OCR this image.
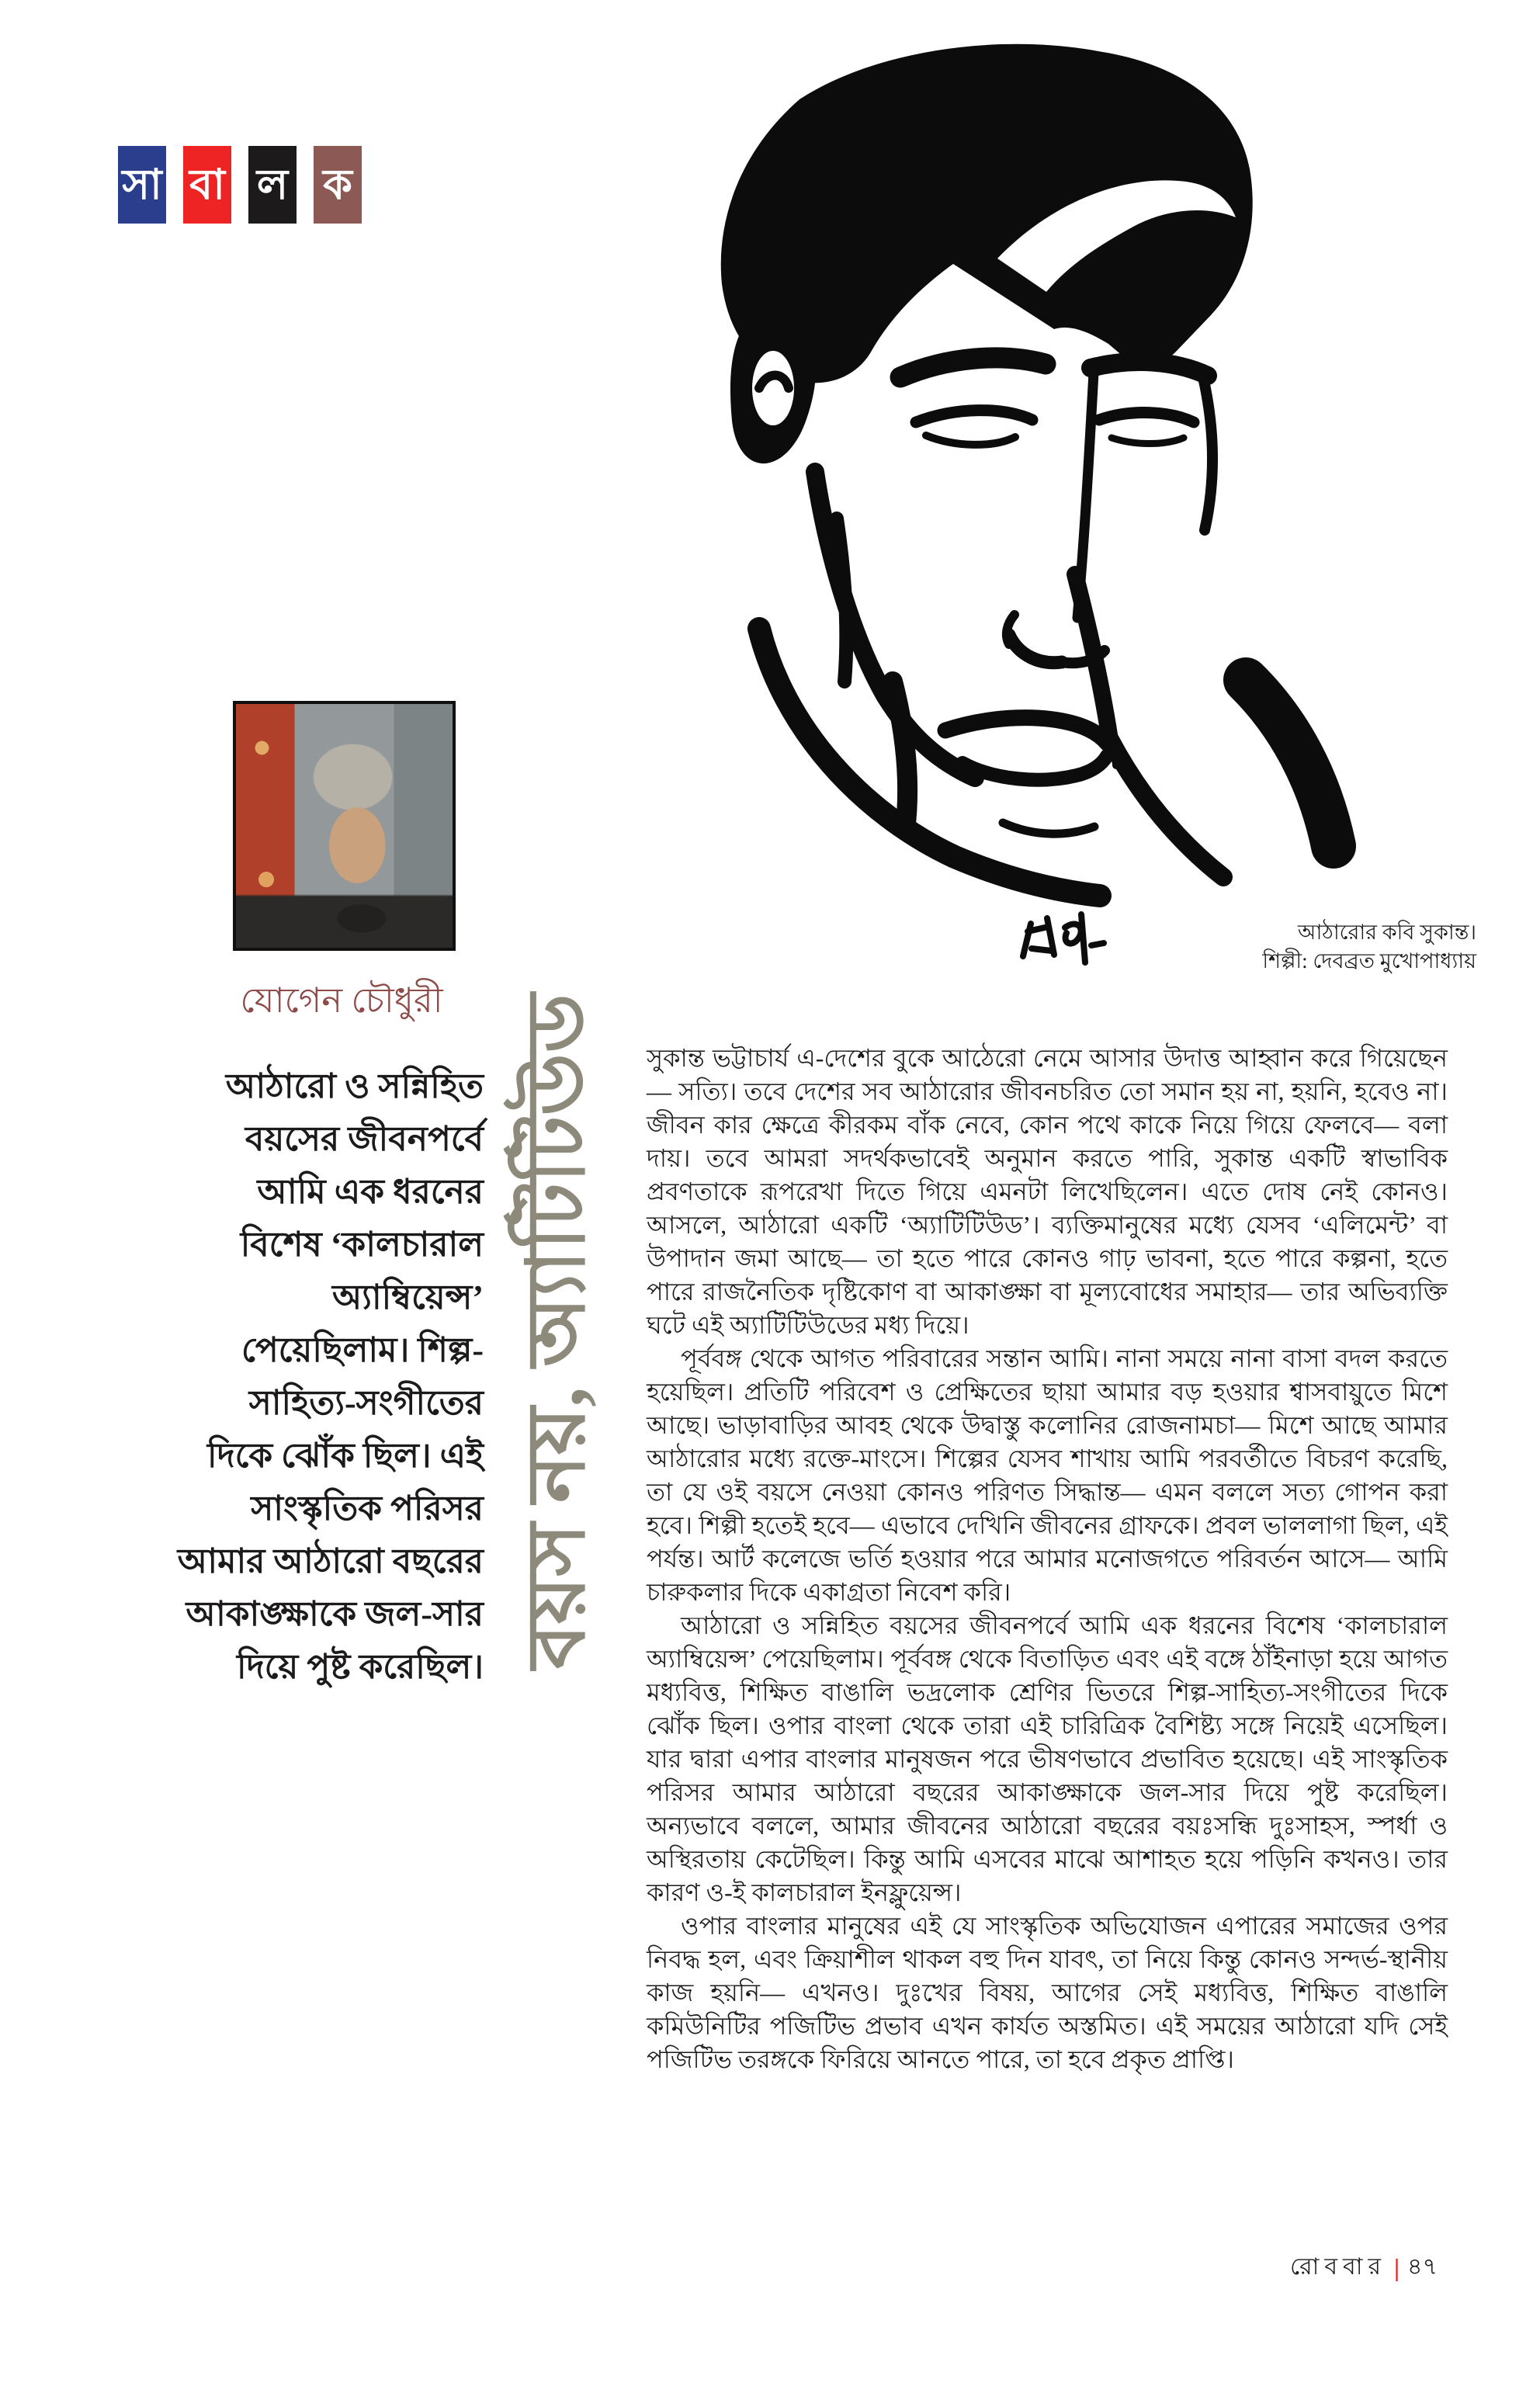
সা বা ল ক
আঠারোর কবি সুকান্ত।
শিল্পী: দেবব্রত মুখোপাধ্যায়
যোগেন চৌধুরী
আঠারো ও সন্নিহিত
বয়সের জীবনপর্বে
আমি এক ধরনের
বিশেষ ‘কালচারাল
অ্যাম্বিয়েন্স’
পেয়েছিলাম। শিল্প-
সাহিত্য-সংগীতের
দিকে ঝোঁক ছিল। এই
সাংস্কৃতিক পরিসর
আমার আঠারো বছরের
আকাঙ্ক্ষাকে জল-সার
দিয়ে পুষ্ট করেছিল। বয়স নয়, অ্যাটিটিউড	সুকান্ত ভট্টাচার্য এ-দেশের বুকে আঠেরো নেমে আসার উদাত্ত আহ্বান করে গিয়েছেন— সত্যি। তবে দেশের সব আঠারোর জীবনচরিত তো সমান হয় না, হয়নি, হবেও না। জীবন কার ক্ষেত্রে কীরকম বাঁক নেবে, কোন পথে কাকে নিয়ে গিয়ে ফেলবে— বলা দায়। তবে আমরা সদর্থকভাবেই অনুমান করতে পারি, সুকান্ত একটি স্বাভাবিক প্রবণতাকে রূপরেখা দিতে গিয়ে এমনটা লিখেছিলেন। এতে দোষ নেই কোনও। আসলে, আঠারো একটি ‘অ্যাটিটিউড’। ব্যক্তিমানুষের মধ্যে যেসব ‘এলিমেন্ট’ বা উপাদান জমা আছে— তা হতে পারে কোনও গাঢ় ভাবনা, হতে পারে কল্পনা, হতে পারে রাজনৈতিক দৃষ্টিকোণ বা আকাঙ্ক্ষা বা মূল্যবোধের সমাহার— তার অভিব্যক্তি ঘটে এই অ্যাটিটিউডের মধ্য দিয়ে।

পূর্ববঙ্গ থেকে আগত পরিবারের সন্তান আমি। নানা সময়ে নানা বাসা বদল করতে হয়েছিল। প্রতিটি পরিবেশ ও প্রেক্ষিতের ছায়া আমার বড় হওয়ার শ্বাসবায়ুতে মিশে আছে। ভাড়াবাড়ির আবহ থেকে উদ্বাস্তু কলোনির রোজনামচা— মিশে আছে আমার আঠারোর মধ্যে রক্তে-মাংসে। শিল্পের যেসব শাখায় আমি পরবর্তীতে বিচরণ করেছি, তা যে ওই বয়সে নেওয়া কোনও পরিণত সিদ্ধান্ত— এমন বললে সত্য গোপন করা হবে। শিল্পী হতেই হবে— এভাবে দেখিনি জীবনের গ্রাফকে। প্রবল ভাললাগা ছিল, এই পর্যন্ত। আর্ট কলেজে ভর্তি হওয়ার পরে আমার মনোজগতে পরিবর্তন আসে— আমি চারুকলার দিকে একাগ্রতা নিবেশ করি।

আঠারো ও সন্নিহিত বয়সের জীবনপর্বে আমি এক ধরনের বিশেষ ‘কালচারাল অ্যাম্বিয়েন্স’ পেয়েছিলাম। পূর্ববঙ্গ থেকে বিতাড়িত এবং এই বঙ্গে ঠাঁইনাড়া হয়ে আগত মধ্যবিত্ত, শিক্ষিত বাঙালি ভদ্রলোক শ্রেণির ভিতরে শিল্প-সাহিত্য-সংগীতের দিকে ঝোঁক ছিল। ওপার বাংলা থেকে তারা এই চারিত্রিক বৈশিষ্ট্য সঙ্গে নিয়েই এসেছিল। যার দ্বারা এপার বাংলার মানুষজন পরে ভীষণভাবে প্রভাবিত হয়েছে। এই সাংস্কৃতিক পরিসর আমার আঠারো বছরের আকাঙ্ক্ষাকে জল-সার দিয়ে পুষ্ট করেছিল। অন্যভাবে বললে, আমার জীবনের আঠারো বছরের বয়ঃসন্ধি দুঃসাহস, স্পর্ধা ও অস্থিরতায় কেটেছিল। কিন্তু আমি এসবের মাঝে আশাহত হয়ে পড়িনি কখনও। তার কারণ ও-ই কালচারাল ইনফ্লুয়েন্স।

ওপার বাংলার মানুষের এই যে সাংস্কৃতিক অভিযোজন এপারের সমাজের ওপর নিবদ্ধ হল, এবং ক্রিয়াশীল থাকল বহু দিন যাবৎ, তা নিয়ে কিন্তু কোনও সন্দর্ভ-স্থানীয় কাজ হয়নি— এখনও। দুঃখের বিষয়, আগের সেই মধ্যবিত্ত, শিক্ষিত বাঙালি কমিউনিটির পজিটিভ প্রভাব এখন কার্যত অস্তমিত। এই সময়ের আঠারো যদি সেই পজিটিভ তরঙ্গকে ফিরিয়ে আনতে পারে, তা হবে প্রকৃত প্রাপ্তি।

রোববার | ৪৭
